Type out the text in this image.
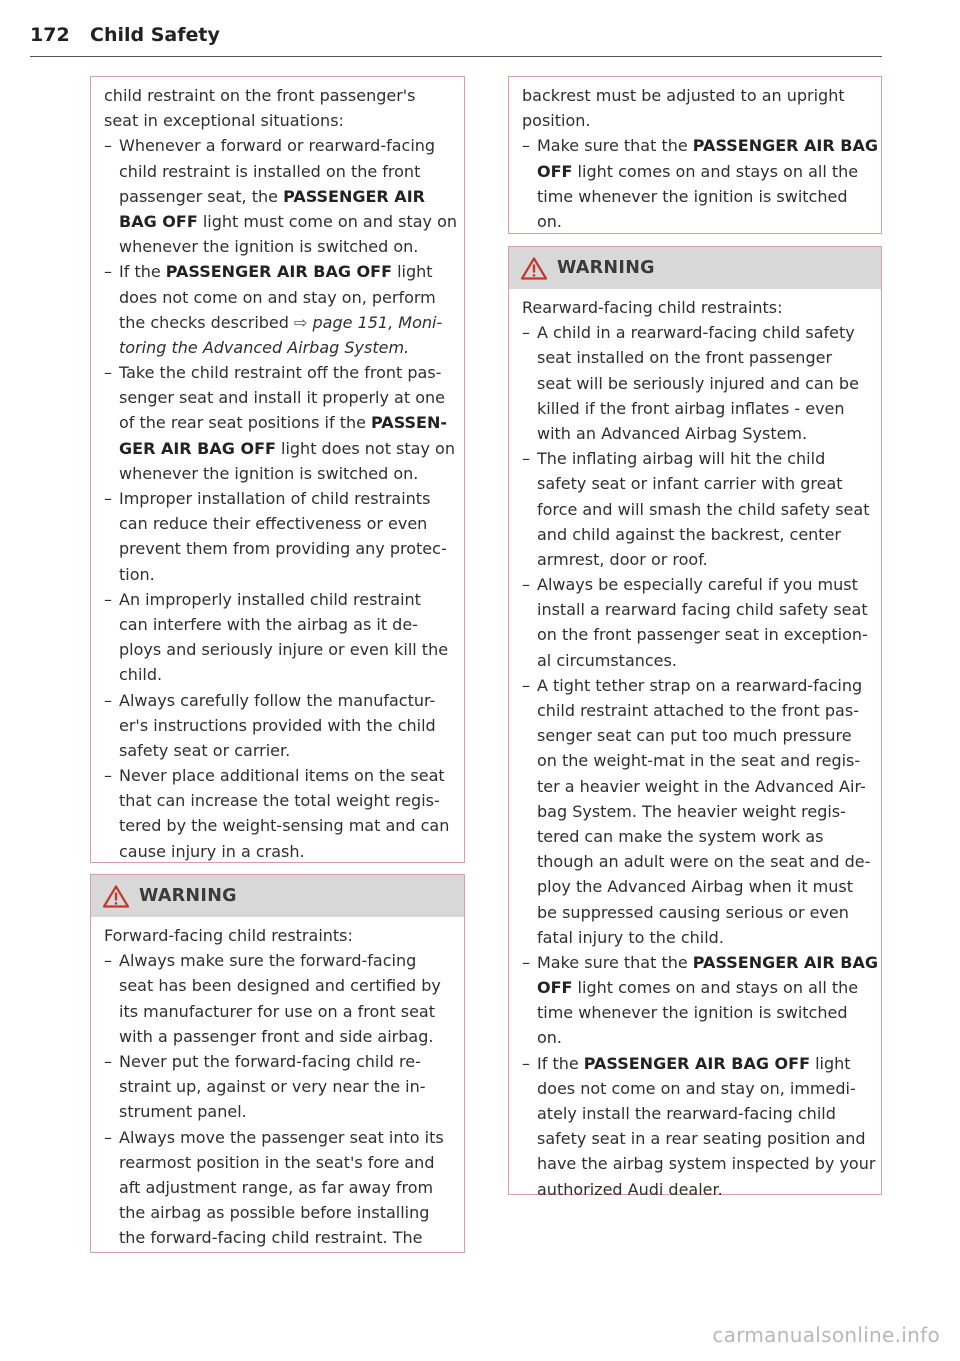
172 Child Safety
child restraint on the front passenger's
seat in exceptional situations:
– Whenever a forward or rearward-facing
child restraint is installed on the front
passenger seat, the PASSENGER AIR
BAG OFF light must come on and stay on
whenever the ignition is switched on.
– If the PASSENGER AIR BAG OFF light
does not come on and stay on, perform
the checks described ⇨ page 151, Moni-
toring the Advanced Airbag System.
– Take the child restraint off the front pas-
senger seat and install it properly at one
of the rear seat positions if the PASSEN-
GER AIR BAG OFF light does not stay on
whenever the ignition is switched on.
– Improper installation of child restraints
can reduce their effectiveness or even
prevent them from providing any protec-
tion.
– An improperly installed child restraint
can interfere with the airbag as it de-
ploys and seriously injure or even kill the
child.
– Always carefully follow the manufactur-
er's instructions provided with the child
safety seat or carrier.
– Never place additional items on the seat
that can increase the total weight regis-
tered by the weight-sensing mat and can
cause injury in a crash.
WARNING
Forward-facing child restraints:
– Always make sure the forward-facing
seat has been designed and certified by
its manufacturer for use on a front seat
with a passenger front and side airbag.
– Never put the forward-facing child re-
straint up, against or very near the in-
strument panel.
– Always move the passenger seat into its
rearmost position in the seat's fore and
aft adjustment range, as far away from
the airbag as possible before installing
the forward-facing child restraint. The
backrest must be adjusted to an upright
position.
– Make sure that the PASSENGER AIR BAG
OFF light comes on and stays on all the
time whenever the ignition is switched
on.
WARNING
Rearward-facing child restraints:
– A child in a rearward-facing child safety
seat installed on the front passenger
seat will be seriously injured and can be
killed if the front airbag inflates - even
with an Advanced Airbag System.
– The inflating airbag will hit the child
safety seat or infant carrier with great
force and will smash the child safety seat
and child against the backrest, center
armrest, door or roof.
– Always be especially careful if you must
install a rearward facing child safety seat
on the front passenger seat in exception-
al circumstances.
– A tight tether strap on a rearward-facing
child restraint attached to the front pas-
senger seat can put too much pressure
on the weight-mat in the seat and regis-
ter a heavier weight in the Advanced Air-
bag System. The heavier weight regis-
tered can make the system work as
though an adult were on the seat and de-
ploy the Advanced Airbag when it must
be suppressed causing serious or even
fatal injury to the child.
– Make sure that the PASSENGER AIR BAG
OFF light comes on and stays on all the
time whenever the ignition is switched
on.
– If the PASSENGER AIR BAG OFF light
does not come on and stay on, immedi-
ately install the rearward-facing child
safety seat in a rear seating position and
have the airbag system inspected by your
authorized Audi dealer.
carmanualsonline.info
